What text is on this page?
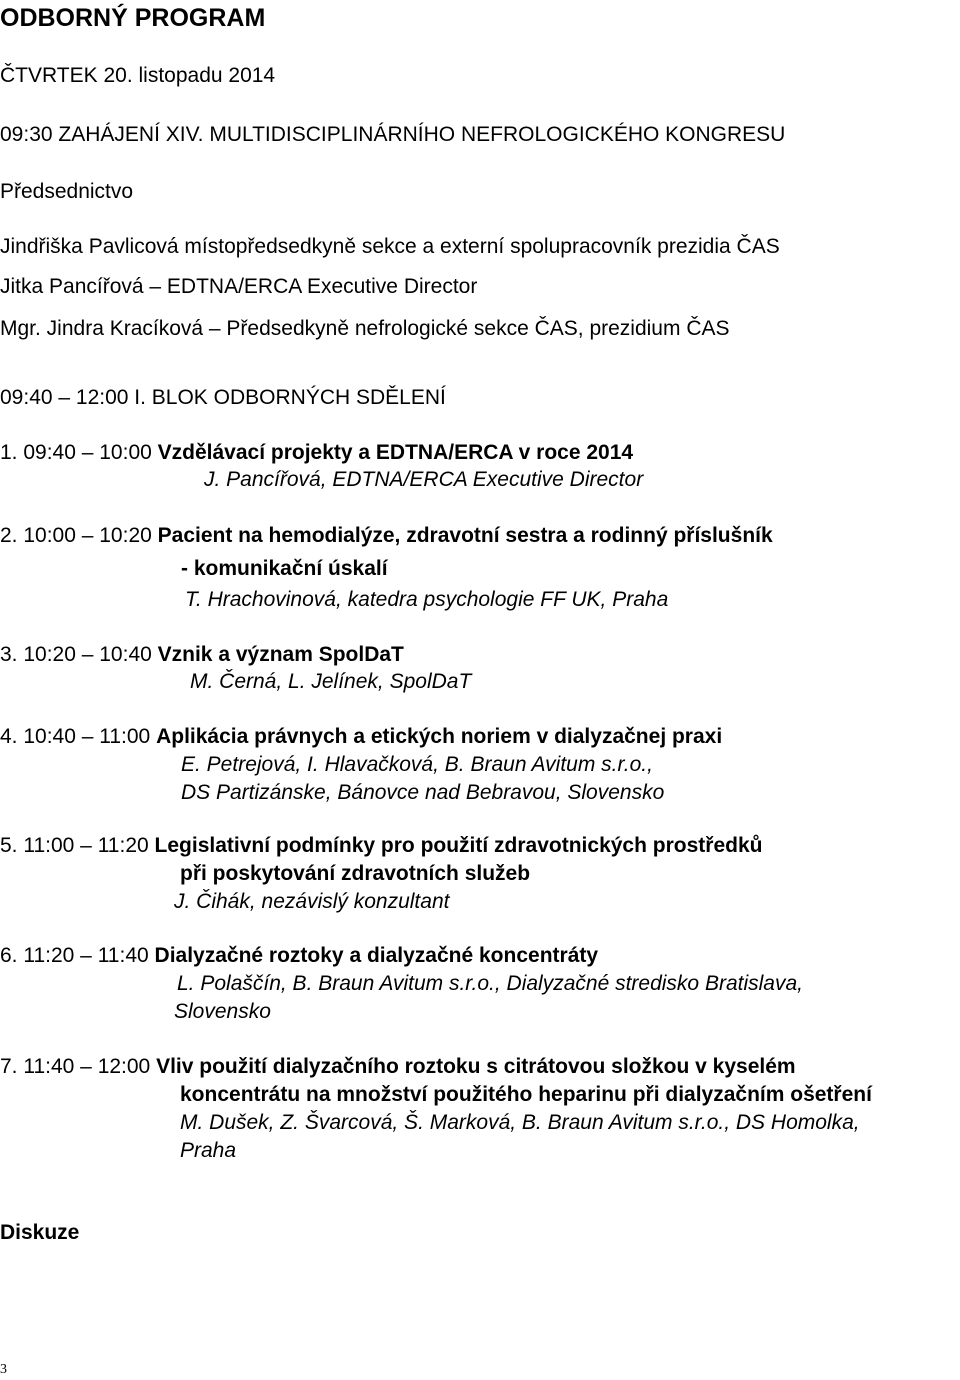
ODBORNÝ PROGRAM
ČTVRTEK 20. listopadu 2014
09:30 ZAHÁJENÍ XIV. MULTIDISCIPLINÁRNÍHO NEFROLOGICKÉHO KONGRESU
Předsednictvo
Jindřiška Pavlicová místopředsedkyně sekce a externí spolupracovník prezidia ČAS
Jitka Pancířová – EDTNA/ERCA Executive Director
Mgr. Jindra Kracíková – Předsedkyně nefrologické sekce ČAS, prezidium ČAS
09:40 – 12:00 I. BLOK ODBORNÝCH SDĚLENÍ
1. 09:40 – 10:00 Vzdělávací projekty a EDTNA/ERCA v roce 2014
J. Pancířová, EDTNA/ERCA Executive Director
2. 10:00 – 10:20 Pacient na hemodialýze, zdravotní sestra a rodinný příslušník
- komunikační úskalí
T. Hrachovinová, katedra psychologie FF UK, Praha
3. 10:20 – 10:40 Vznik a význam SpolDaT
M. Černá, L. Jelínek, SpolDaT
4. 10:40 – 11:00 Aplikácia právnych a etických noriem v dialyzačnej praxi
E. Petrejová, I. Hlavačková, B. Braun Avitum s.r.o.,
DS Partizánske, Bánovce nad Bebravou, Slovensko
5. 11:00 – 11:20 Legislativní podmínky pro použití zdravotnických prostředků
při poskytování zdravotních služeb
J. Čihák, nezávislý konzultant
6. 11:20 – 11:40 Dialyzačné roztoky a dialyzačné koncentráty
L. Polaščín, B. Braun Avitum s.r.o., Dialyzačné stredisko Bratislava,
Slovensko
7. 11:40 – 12:00 Vliv použití dialyzačního roztoku s citrátovou složkou v kyselém
koncentrátu na množství použitého heparinu při dialyzačním ošetření
M. Dušek, Z. Švarcová, Š. Marková, B. Braun Avitum s.r.o., DS Homolka,
Praha
Diskuze
3
